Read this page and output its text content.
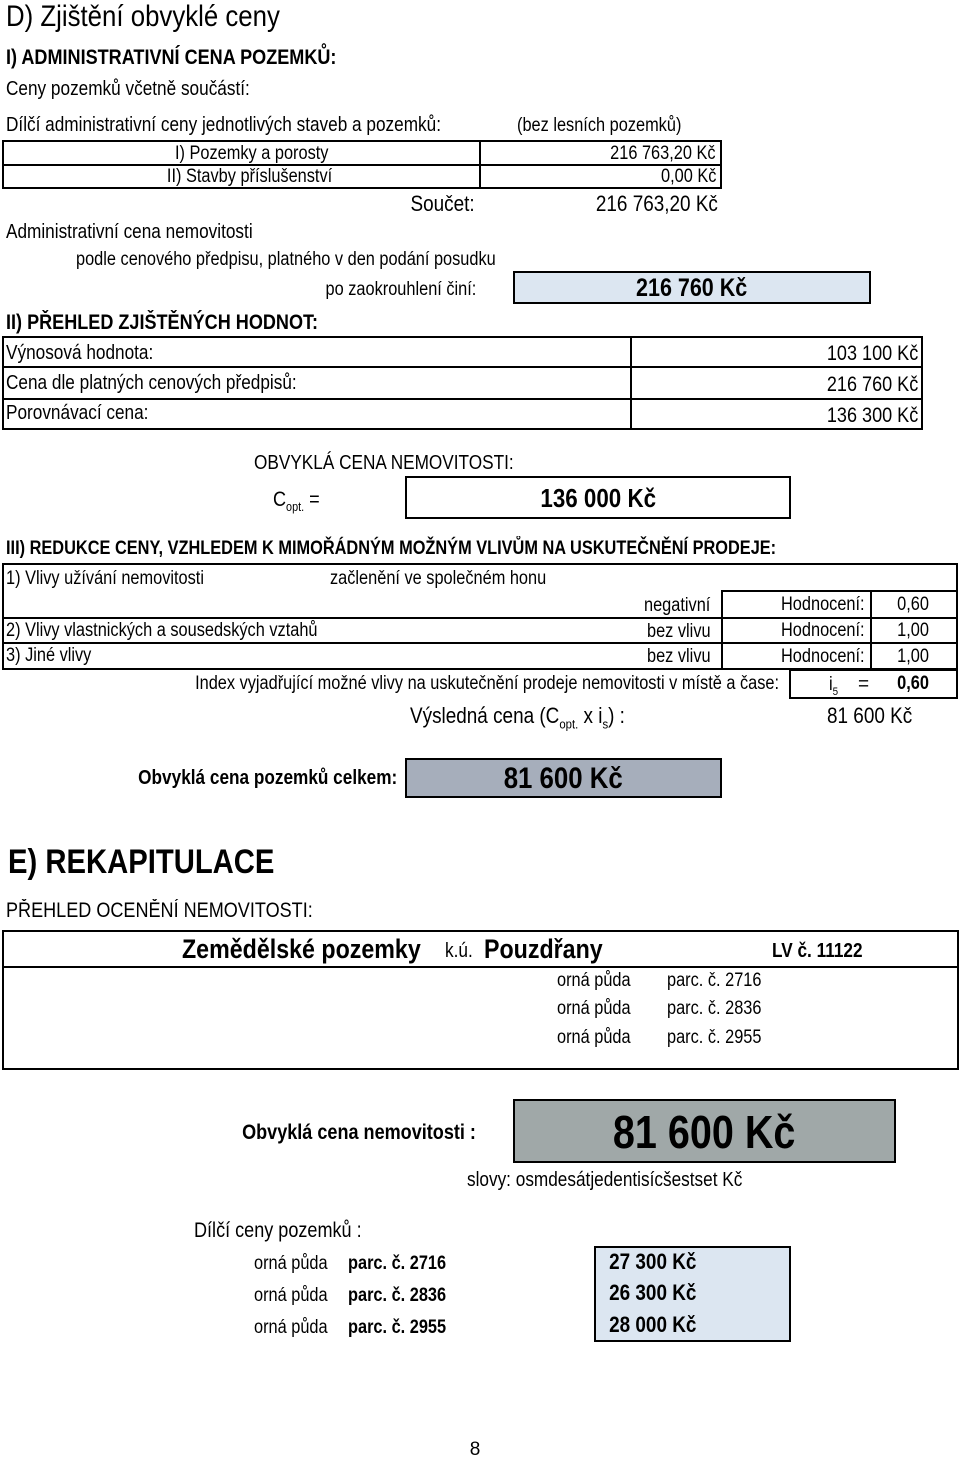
D) Zjištění obvyklé ceny
I) ADMINISTRATIVNÍ CENA POZEMKŮ:
Ceny pozemků včetně součástí:
Dílčí administrativní ceny jednotlivých staveb a pozemků:	(bez lesních pozemků)
I) Pozemky a porosty	216 763,20 Kč
II) Stavby příslušenství	0,00 Kč
Součet:	216 763,20 Kč
Administrativní cena nemovitosti
podle cenového předpisu, platného v den podání posudku
po zaokrouhlení činí:	216 760 Kč
II) PŘEHLED ZJIŠTĚNÝCH HODNOT:
Výnosová hodnota:	103 100 Kč
Cena dle platných cenových předpisů:	216 760 Kč
Porovnávací cena:	136 300 Kč
OBVYKLÁ CENA NEMOVITOSTI:
$C_{opt.}$ =	136 000 Kč
III) REDUKCE CENY, VZHLEDEM K MIMOŘÁDNÝM MOŽNÝM VLIVŮM NA USKUTEČNĚNÍ PRODEJE:
1) Vlivy užívání nemovitosti	začlenění ve společném honu
negativní	Hodnocení:	0,60
2) Vlivy vlastnických a sousedských vztahů	bez vlivu	Hodnocení:	1,00
3) Jiné vlivy	bez vlivu	Hodnocení:	1,00
Index vyjadřující možné vlivy na uskutečnění prodeje nemovitosti v místě a čase:	$i_5$ =	0,60
Výsledná cena ($C_{opt.}$ x $i_s$) :	81 600 Kč
Obvyklá cena pozemků celkem:	81 600 Kč
E) REKAPITULACE
PŘEHLED OCENĚNÍ NEMOVITOSTI:
Zemědělské pozemky	k.ú. Pouzdřany	LV č. 11122
orná půda	parc. č. 2716
orná půda	parc. č. 2836
orná půda	parc. č. 2955
Obvyklá cena nemovitosti :	81 600 Kč
slovy: osmdesátjedentisícšestset Kč
Dílčí ceny pozemků :
orná půda	parc. č. 2716	27 300 Kč
orná půda	parc. č. 2836	26 300 Kč
orná půda	parc. č. 2955	28 000 Kč
8
